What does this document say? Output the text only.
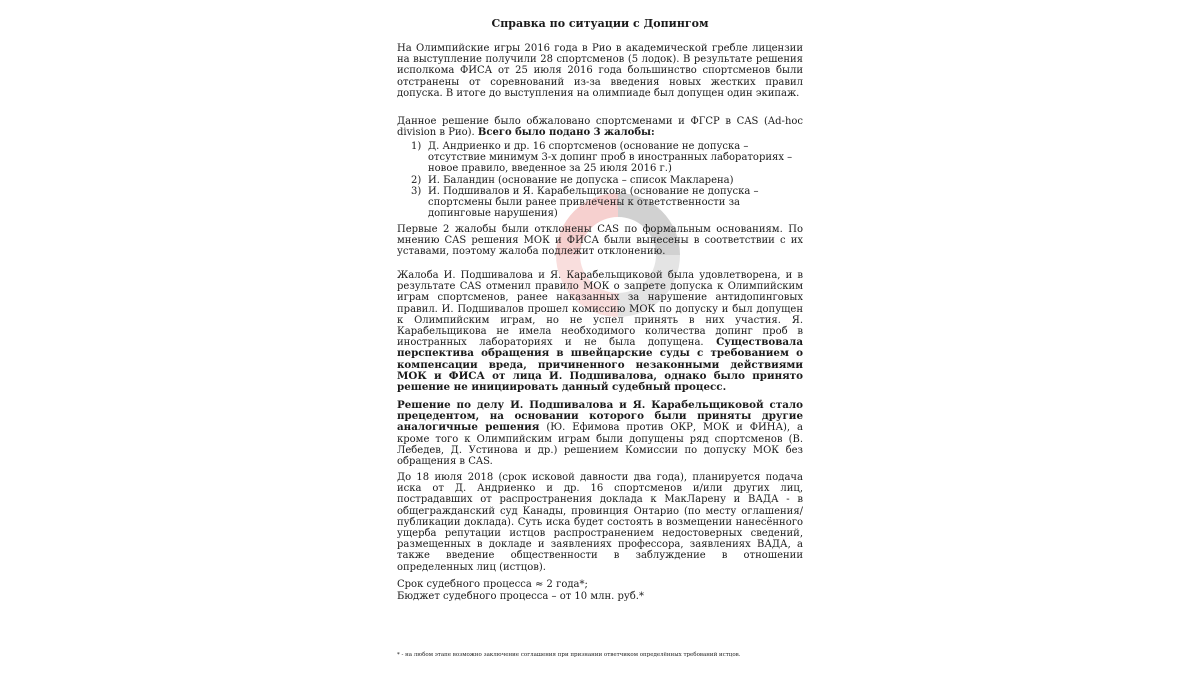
Справка по ситуации с Допингом

На Олимпийские игры 2016 года в Рио в академической гребле лицензии на выступление получили 28 спортсменов (5 лодок). В результате решения исполкома ФИСА от 25 июля 2016 года большинство спортсменов были отстранены от соревнований из-за введения новых жестких правил допуска. В итоге до выступления на олимпиаде был допущен один экипаж.

Данное решение было обжаловано спортсменами и ФГСР в CAS (Ad-hoc division в Рио). Всего было подано 3 жалобы:

1) Д. Андриенко и др. 16 спортсменов (основание не допуска – отсутствие минимум 3-х допинг проб в иностранных лабораториях – новое правило, введенное за 25 июля 2016 г.)
2) И. Баландин (основание не допуска – список Макларена)
3) И. Подшивалов и Я. Карабельщикова (основание не допуска – спортсмены были ранее привлечены к ответственности за допинговые нарушения)

Первые 2 жалобы были отклонены CAS по формальным основаниям. По мнению CAS решения МОК и ФИСА были вынесены в соответствии с их уставами, поэтому жалоба подлежит отклонению.

Жалоба И. Подшивалова и Я. Карабельщиковой была удовлетворена, и в результате CAS отменил правило МОК о запрете допуска к Олимпийским играм спортсменов, ранее наказанных за нарушение антидопинговых правил. И. Подшивалов прошел комиссию МОК по допуску и был допущен к Олимпийским играм, но не успел принять в них участия. Я. Карабельщикова не имела необходимого количества допинг проб в иностранных лабораториях и не была допущена. Существовала перспектива обращения в швейцарские суды с требованием о компенсации вреда, причиненного незаконными действиями МОК и ФИСА от лица И. Подшивалова, однако было принято решение не инициировать данный судебный процесс.

Решение по делу И. Подшивалова и Я. Карабельщиковой стало прецедентом, на основании которого были приняты другие аналогичные решения (Ю. Ефимова против ОКР, МОК и ФИНА), а кроме того к Олимпийским играм были допущены ряд спортсменов (В. Лебедев, Д. Устинова и др.) решением Комиссии по допуску МОК без обращения в CAS.

До 18 июля 2018 (срок исковой давности два года), планируется подача иска от Д. Андриенко и др. 16 спортсменов и/или других лиц, пострадавших от распространения доклада к МакЛарену и ВАДА - в общегражданский суд Канады, провинция Онтарио (по месту оглашения/публикации доклада). Суть иска будет состоять в возмещении нанесённого ущерба репутации истцов распространением недостоверных сведений, размещенных в докладе и заявлениях профессора, заявлениях ВАДА, а также введение общественности в заблуждение в отношении определенных лиц (истцов).

Срок судебного процесса ≈ 2 года*;

Бюджет судебного процесса – от 10 млн. руб.*

* - на любом этапе возможно заключение соглашения при признании ответчиком определённых требований истцов.
